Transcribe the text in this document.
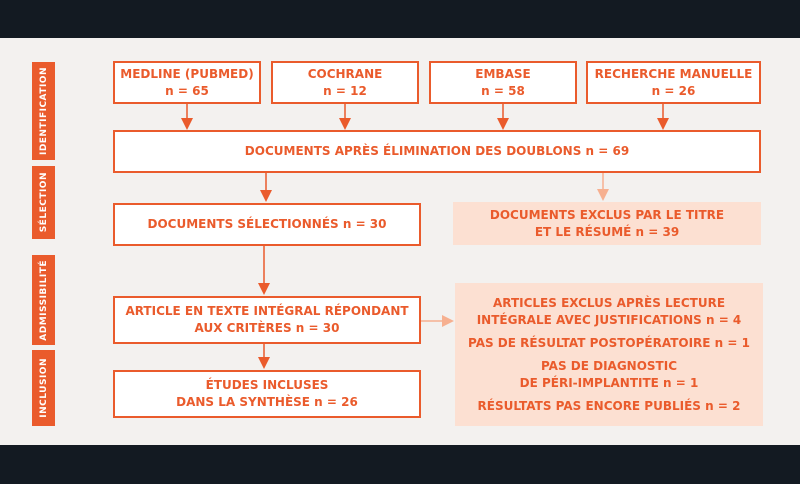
IDENTIFICATION
SÉLECTION
ADMISSIBILITÉ
INCLUSION
MEDLINE (PUBMED)
n = 65
COCHRANE
n = 12
EMBASE
n = 58
RECHERCHE MANUELLE
n = 26
DOCUMENTS APRÈS ÉLIMINATION DES DOUBLONS n = 69
DOCUMENTS SÉLECTIONNÉS n = 30
DOCUMENTS EXCLUS PAR LE TITRE
ET LE RÉSUMÉ n = 39
ARTICLE EN TEXTE INTÉGRAL RÉPONDANT
AUX CRITÈRES n = 30
ARTICLES EXCLUS APRÈS LECTURE
INTÉGRALE AVEC JUSTIFICATIONS n = 4
PAS DE RÉSULTAT POSTOPÉRATOIRE n = 1
PAS DE DIAGNOSTIC
DE PÉRI-IMPLANTITE n = 1
RÉSULTATS PAS ENCORE PUBLIÉS n = 2
ÉTUDES INCLUSES
DANS LA SYNTHÈSE n = 26
